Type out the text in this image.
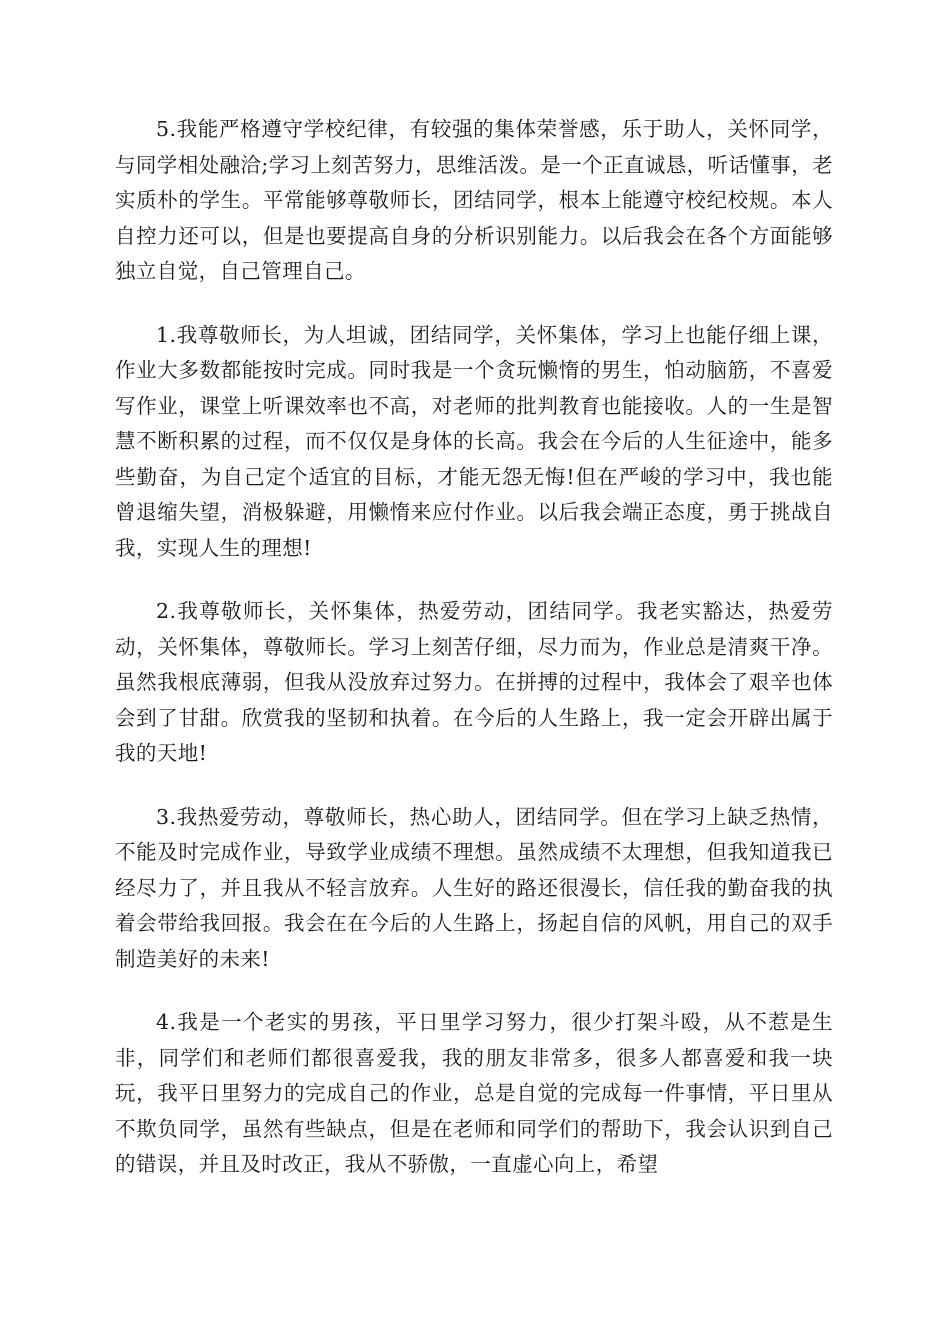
5.我能严格遵守学校纪律，有较强的集体荣誉感，乐于助人，关怀同学，与同学相处融洽;学习上刻苦努力，思维活泼。是一个正直诚恳，听话懂事，老实质朴的学生。平常能够尊敬师长，团结同学，根本上能遵守校纪校规。本人自控力还可以，但是也要提高自身的分析识别能力。以后我会在各个方面能够独立自觉，自己管理自己。

1.我尊敬师长，为人坦诚，团结同学，关怀集体，学习上也能仔细上课，作业大多数都能按时完成。同时我是一个贪玩懒惰的男生，怕动脑筋，不喜爱写作业，课堂上听课效率也不高，对老师的批判教育也能接收。人的一生是智慧不断积累的过程，而不仅仅是身体的长高。我会在今后的人生征途中，能多些勤奋，为自己定个适宜的目标，才能无怨无悔!但在严峻的学习中，我也能曾退缩失望，消极躲避，用懒惰来应付作业。以后我会端正态度，勇于挑战自我，实现人生的理想!

2.我尊敬师长，关怀集体，热爱劳动，团结同学。我老实豁达，热爱劳动，关怀集体，尊敬师长。学习上刻苦仔细，尽力而为，作业总是清爽干净。虽然我根底薄弱，但我从没放弃过努力。在拼搏的过程中，我体会了艰辛也体会到了甘甜。欣赏我的坚韧和执着。在今后的人生路上，我一定会开辟出属于我的天地!

3.我热爱劳动，尊敬师长，热心助人，团结同学。但在学习上缺乏热情，不能及时完成作业，导致学业成绩不理想。虽然成绩不太理想，但我知道我已经尽力了，并且我从不轻言放弃。人生好的路还很漫长，信任我的勤奋我的执着会带给我回报。我会在在今后的人生路上，扬起自信的风帆，用自己的双手制造美好的未来!

4.我是一个老实的男孩，平日里学习努力，很少打架斗殴，从不惹是生非，同学们和老师们都很喜爱我，我的朋友非常多，很多人都喜爱和我一块玩，我平日里努力的完成自己的作业，总是自觉的完成每一件事情，平日里从不欺负同学，虽然有些缺点，但是在老师和同学们的帮助下，我会认识到自己的错误，并且及时改正，我从不骄傲，一直虚心向上，希望
